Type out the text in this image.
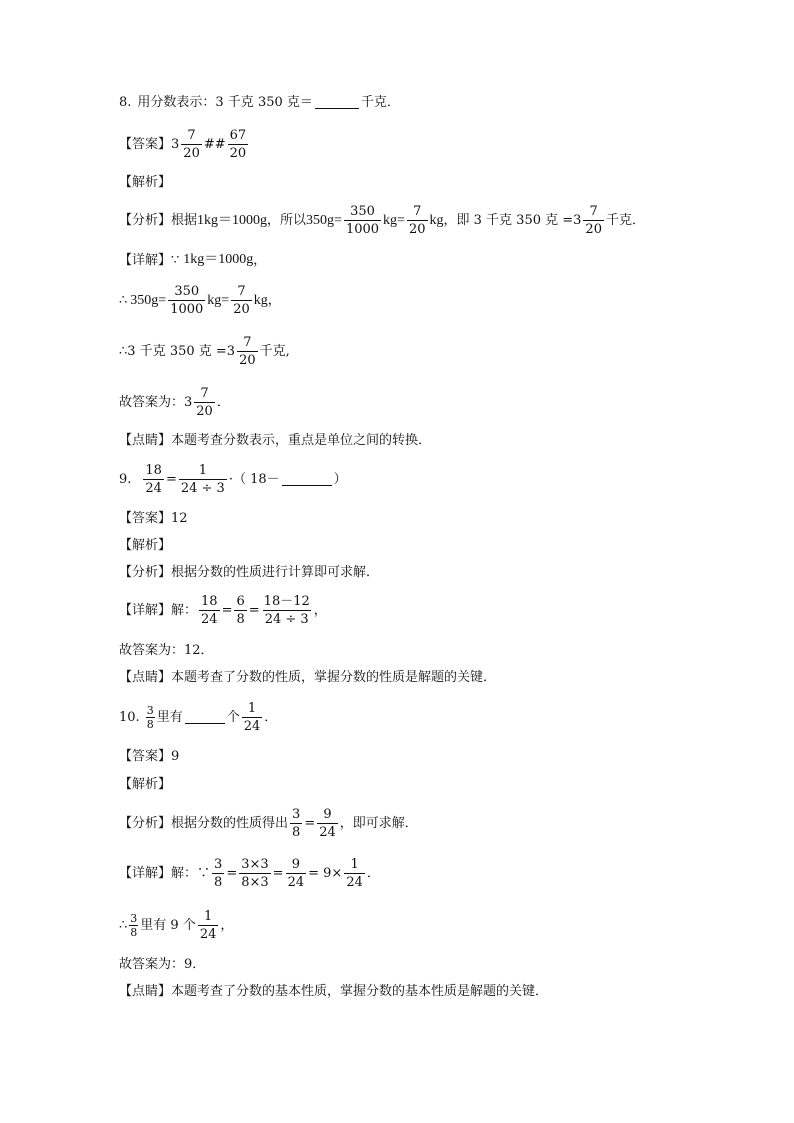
8. 用分数表示：3 千克 350 克＝	千克．
【答案】 $3 \frac{7}{20}$ ## $\frac{67}{20}$
【解析】
【分析】 根据 1kg＝1000g ，所以 $350g= \frac{350}{1000} kg= \frac{7}{20}$ kg ，即 3 千克 350 克 $=3 \frac{7}{20}$ 千克．
【详解】 ∵ 1kg＝1000g ，
∴ $350g= \frac{350}{1000} kg= \frac{7}{20}$ kg ，
∴ 3 千克 350 克 $=3 \frac{7}{20}$ 千克,
故答案为：$3 \frac{7}{20}$ ．
【点睛】 本题考查分数表示，重点是单位之间的转换．
9. $\frac{18}{24} = \frac{1}{24 \div 3}$ · （ 18－	）
【答案】 12
【解析】
【分析】 根据分数的性质进行计算即可求解．
【详解】 解： $\frac{18}{24} = \frac{6}{8} = \frac{18-12}{24 \div 3}$ ，
故答案为：12．
【点睛】 本题考查了分数的性质，掌握分数的性质是解题的关键．
10. $\frac{3}{8}$ 里有	个 $\frac{1}{24}$ ．
【答案】 9
【解析】
【分析】 根据分数的性质得出 $\frac{3}{8} = \frac{9}{24}$ ，即可求解．
【详解】 解：∵ $\frac{3}{8} = \frac{3\times 3}{8\times 3} = \frac{9}{24} = 9\times \frac{1}{24}$ ．
∴ $\frac{3}{8}$ 里有 9 个 $\frac{1}{24}$ ，
故答案为：9．
【点睛】 本题考查了分数的基本性质，掌握分数的基本性质是解题的关键．
